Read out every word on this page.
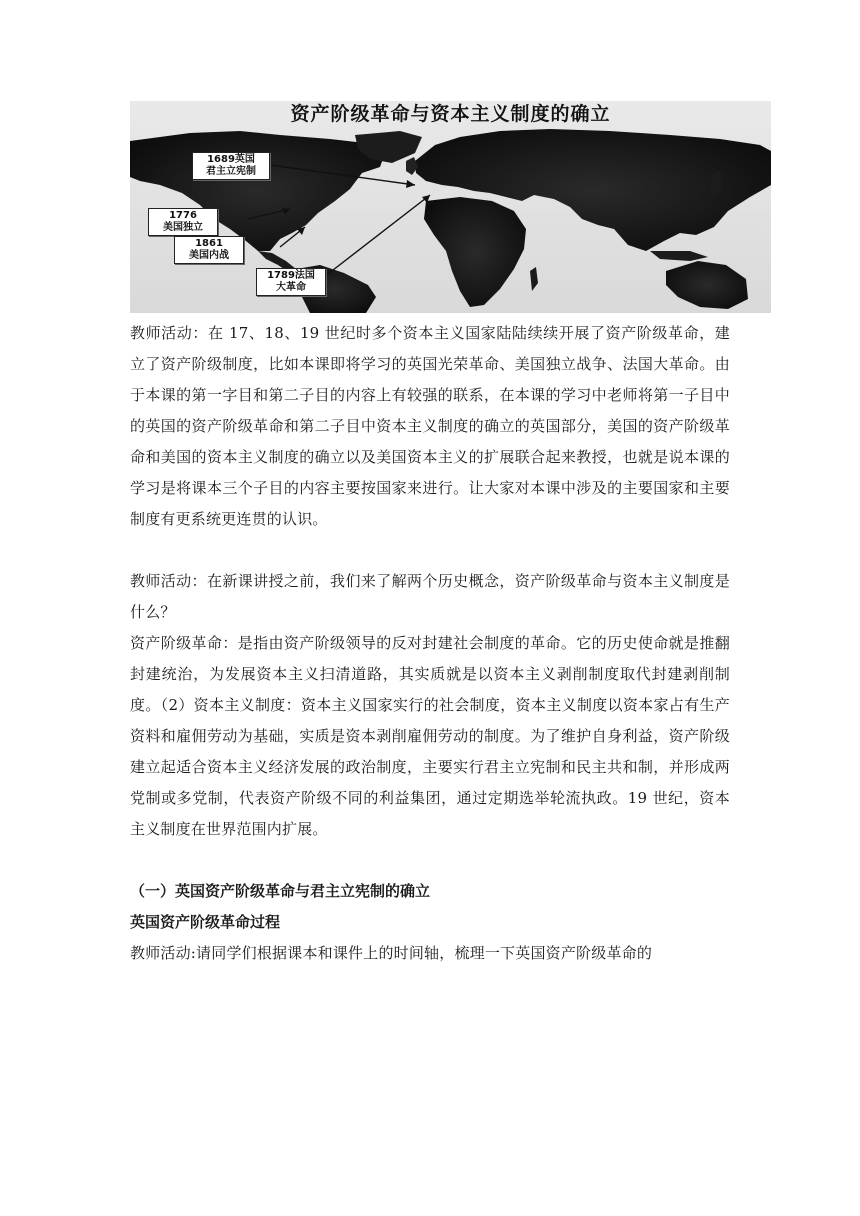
资产阶级革命与资本主义制度的确立
1689英国
君主立宪制
1776
美国独立
1861
美国内战
1789法国
大革命

教师活动：在 17、18、19 世纪时多个资本主义国家陆陆续续开展了资产阶级革命，建立了资产阶级制度，比如本课即将学习的英国光荣革命、美国独立战争、法国大革命。由于本课的第一字目和第二子目的内容上有较强的联系，在本课的学习中老师将第一子目中的英国的资产阶级革命和第二子目中资本主义制度的确立的英国部分，美国的资产阶级革命和美国的资本主义制度的确立以及美国资本主义的扩展联合起来教授，也就是说本课的学习是将课本三个子目的内容主要按国家来进行。让大家对本课中涉及的主要国家和主要制度有更系统更连贯的认识。

教师活动：在新课讲授之前，我们来了解两个历史概念，资产阶级革命与资本主义制度是什么？

资产阶级革命：是指由资产阶级领导的反对封建社会制度的革命。它的历史使命就是推翻封建统治，为发展资本主义扫清道路，其实质就是以资本主义剥削制度取代封建剥削制度。（2）资本主义制度：资本主义国家实行的社会制度，资本主义制度以资本家占有生产资料和雇佣劳动为基础，实质是资本剥削雇佣劳动的制度。为了维护自身利益，资产阶级建立起适合资本主义经济发展的政治制度，主要实行君主立宪制和民主共和制，并形成两党制或多党制，代表资产阶级不同的利益集团，通过定期选举轮流执政。19 世纪，资本主义制度在世界范围内扩展。

（一）英国资产阶级革命与君主立宪制的确立

英国资产阶级革命过程

教师活动:请同学们根据课本和课件上的时间轴，梳理一下英国资产阶级革命的
